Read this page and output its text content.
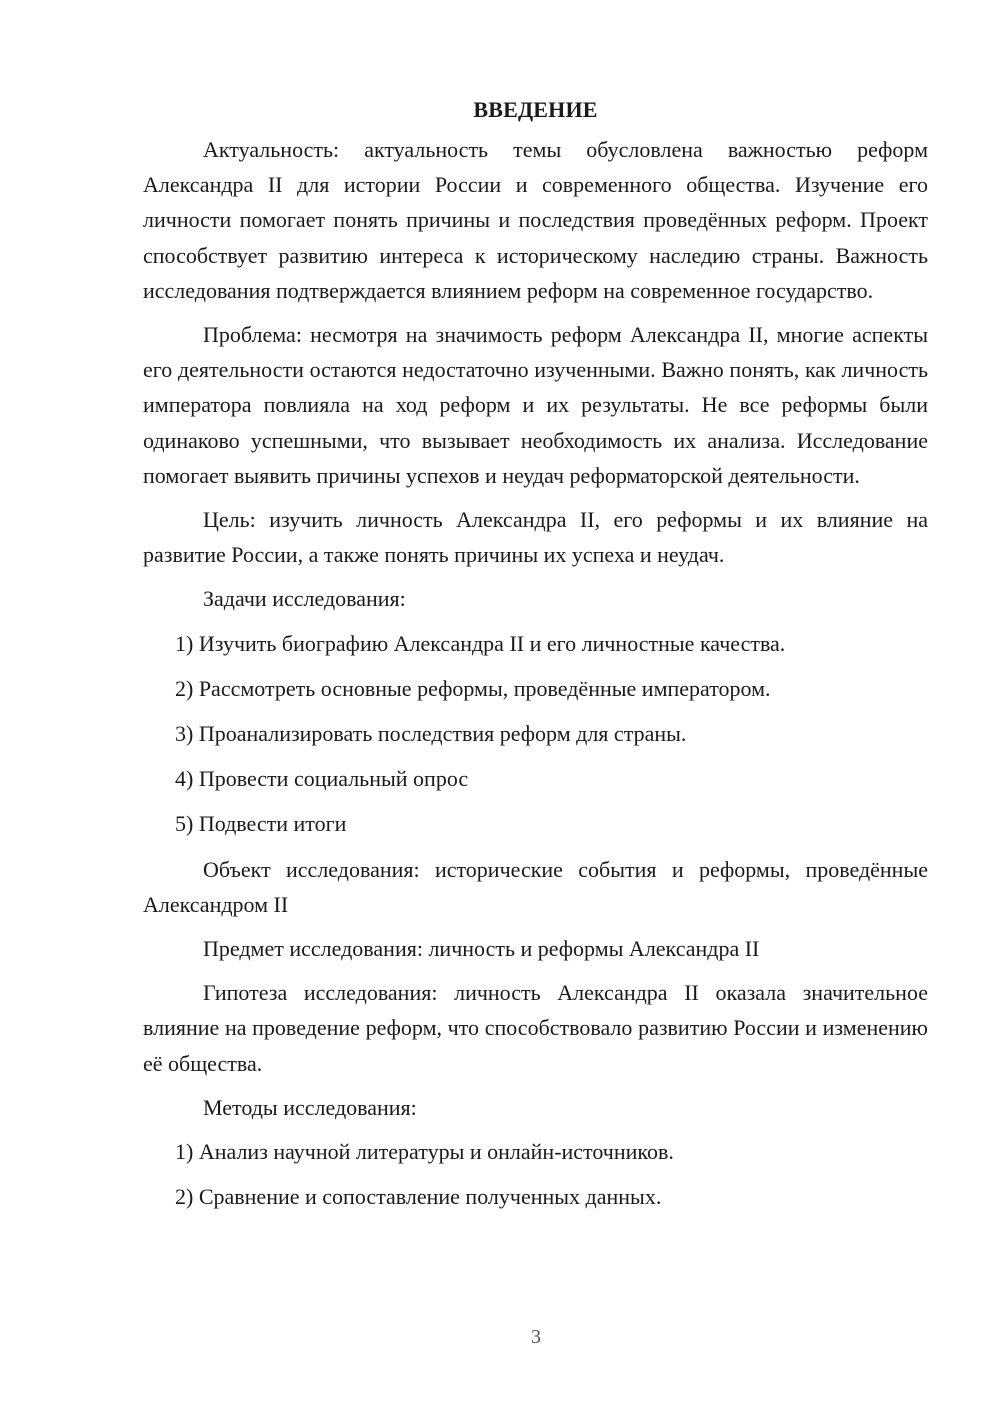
ВВЕДЕНИЕ

Актуальность: актуальность темы обусловлена важностью реформ Александра II для истории России и современного общества. Изучение его личности помогает понять причины и последствия проведённых реформ. Проект способствует развитию интереса к историческому наследию страны. Важность исследования подтверждается влиянием реформ на современное государство.

Проблема: несмотря на значимость реформ Александра II, многие аспекты его деятельности остаются недостаточно изученными. Важно понять, как личность императора повлияла на ход реформ и их результаты. Не все реформы были одинаково успешными, что вызывает необходимость их анализа. Исследование помогает выявить причины успехов и неудач реформаторской деятельности.

Цель: изучить личность Александра II, его реформы и их влияние на развитие России, а также понять причины их успеха и неудач.

Задачи исследования:

1) Изучить биографию Александра II и его личностные качества.
2) Рассмотреть основные реформы, проведённые императором.
3) Проанализировать последствия реформ для страны.
4) Провести социальный опрос
5) Подвести итоги

Объект исследования: исторические события и реформы, проведённые Александром II

Предмет исследования: личность и реформы Александра II

Гипотеза исследования: личность Александра II оказала значительное влияние на проведение реформ, что способствовало развитию России и изменению её общества.

Методы исследования:

1) Анализ научной литературы и онлайн-источников.
2) Сравнение и сопоставление полученных данных.
3
